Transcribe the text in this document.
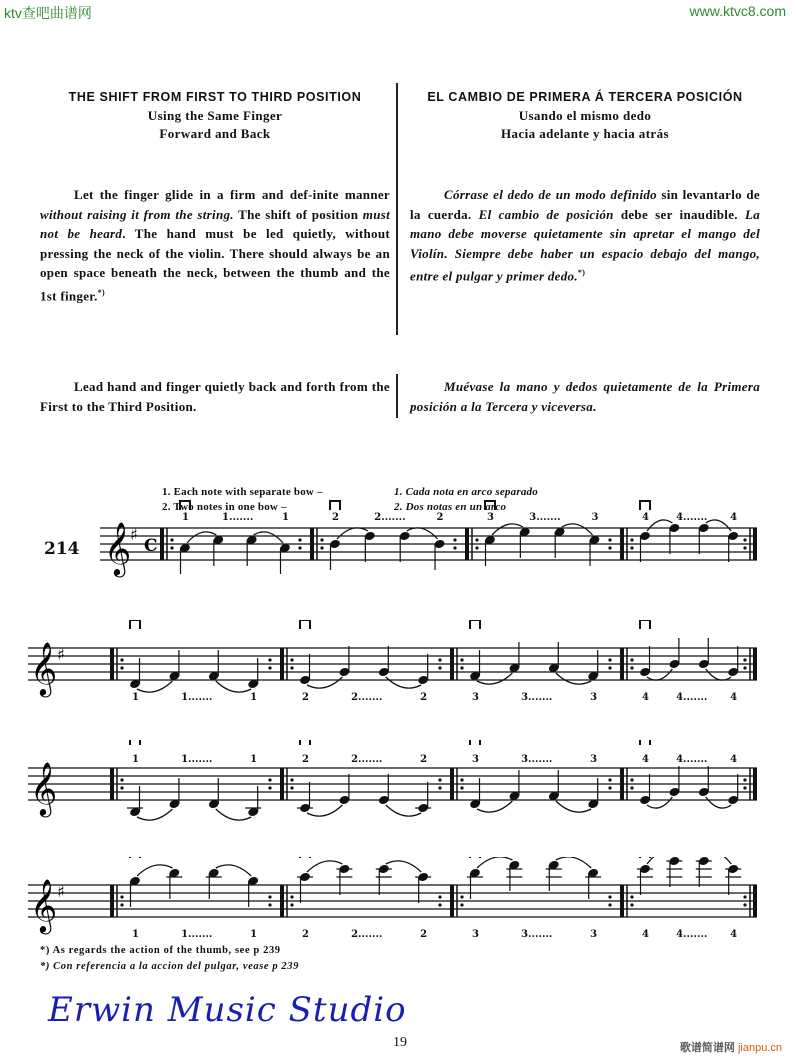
ktv查吧曲谱网	www.ktvc8.com
THE SHIFT FROM FIRST TO THIRD POSITION
Using the Same Finger
Forward and Back
Let the finger glide in a firm and def-inite manner without raising it from the string. The shift of position must not be heard. The hand must be led quietly, without pressing the neck of the violin. There should always be an open space beneath the neck, between the thumb and the 1st finger.*)
Lead hand and finger quietly back and forth from the First to the Third Position.
EL CAMBIO DE PRIMERA Á TERCERA POSICIÓN
Usando el mismo dedo
Hacia adelante y hacia atrás
Córrase el dedo de un modo definido sin levantarlo de la cuerda. El cambio de posición debe ser inaudible. La mano debe moverse quietamente sin apretar el mango del Violín. Siempre debe haber un espacio debajo del mango, entre el pulgar y primer dedo.*)
Muévase la mano y dedos quietamente de la Primera posición a la Tercera y viceversa.
1. Each note with separate bow –	1. Cada nota en arco separado
2. Two notes in one bow –	2. Dos notas en un arco
214 𝄞
♯
C
1	1.......	1	2	2.......	2	3	3.......	3	4	4....... 4
𝄞 ♯
1	1.......	1	2	2.......	2	3	3.......	3	4	4....... 4
𝄞
1	1.......	1	2	2.......	2	3	3.......	3	4	4....... 4
𝄞 ♯
1	1.......	1	2	2.......	2	3	3.......	3	4	4....... 4
*) As regards the action of the thumb, see p 239
*) Con referencia a la accion del pulgar, vease p 239
Erwin Music Studio
19	歌谱简谱网 jianpu.cn
